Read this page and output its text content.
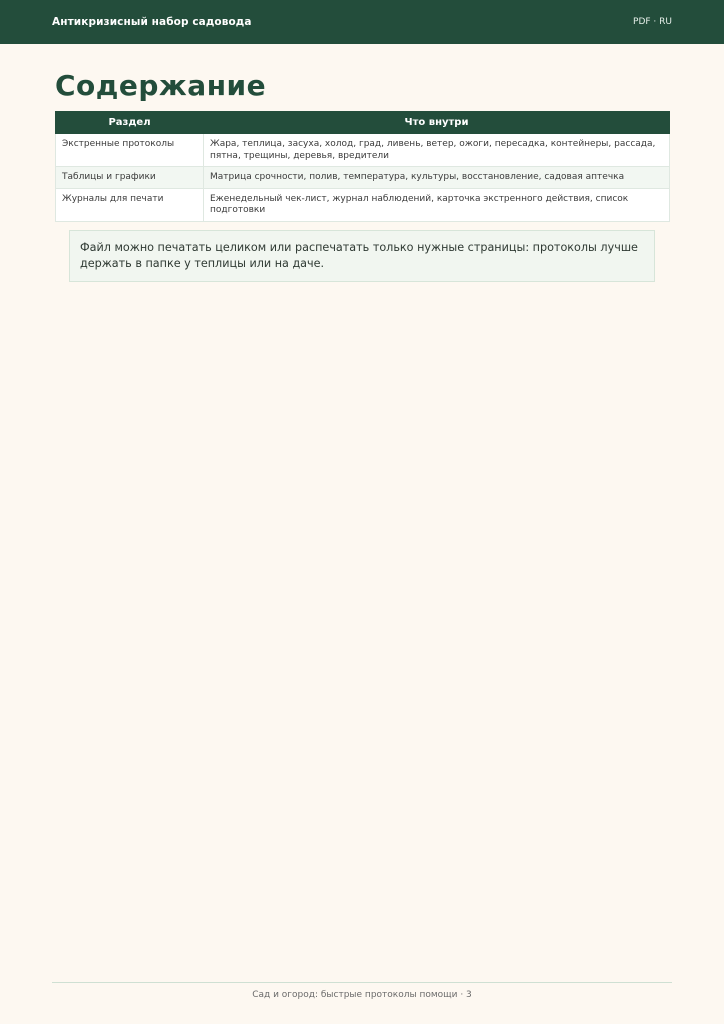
Антикризисный набор садовода	PDF · RU
Содержание
Раздел	Что внутри
Экстренные протоколы	Жара, теплица, засуха, холод, град, ливень, ветер, ожоги, пересадка, контейнеры, рассада, пятна, трещины, деревья, вредители
Таблицы и графики	Матрица срочности, полив, температура, культуры, восстановление, садовая аптечка
Журналы для печати	Еженедельный чек-лист, журнал наблюдений, карточка экстренного действия, список подготовки
Файл можно печатать целиком или распечатать только нужные страницы: протоколы лучше держать в папке у теплицы или на даче.
Сад и огород: быстрые протоколы помощи · 3
